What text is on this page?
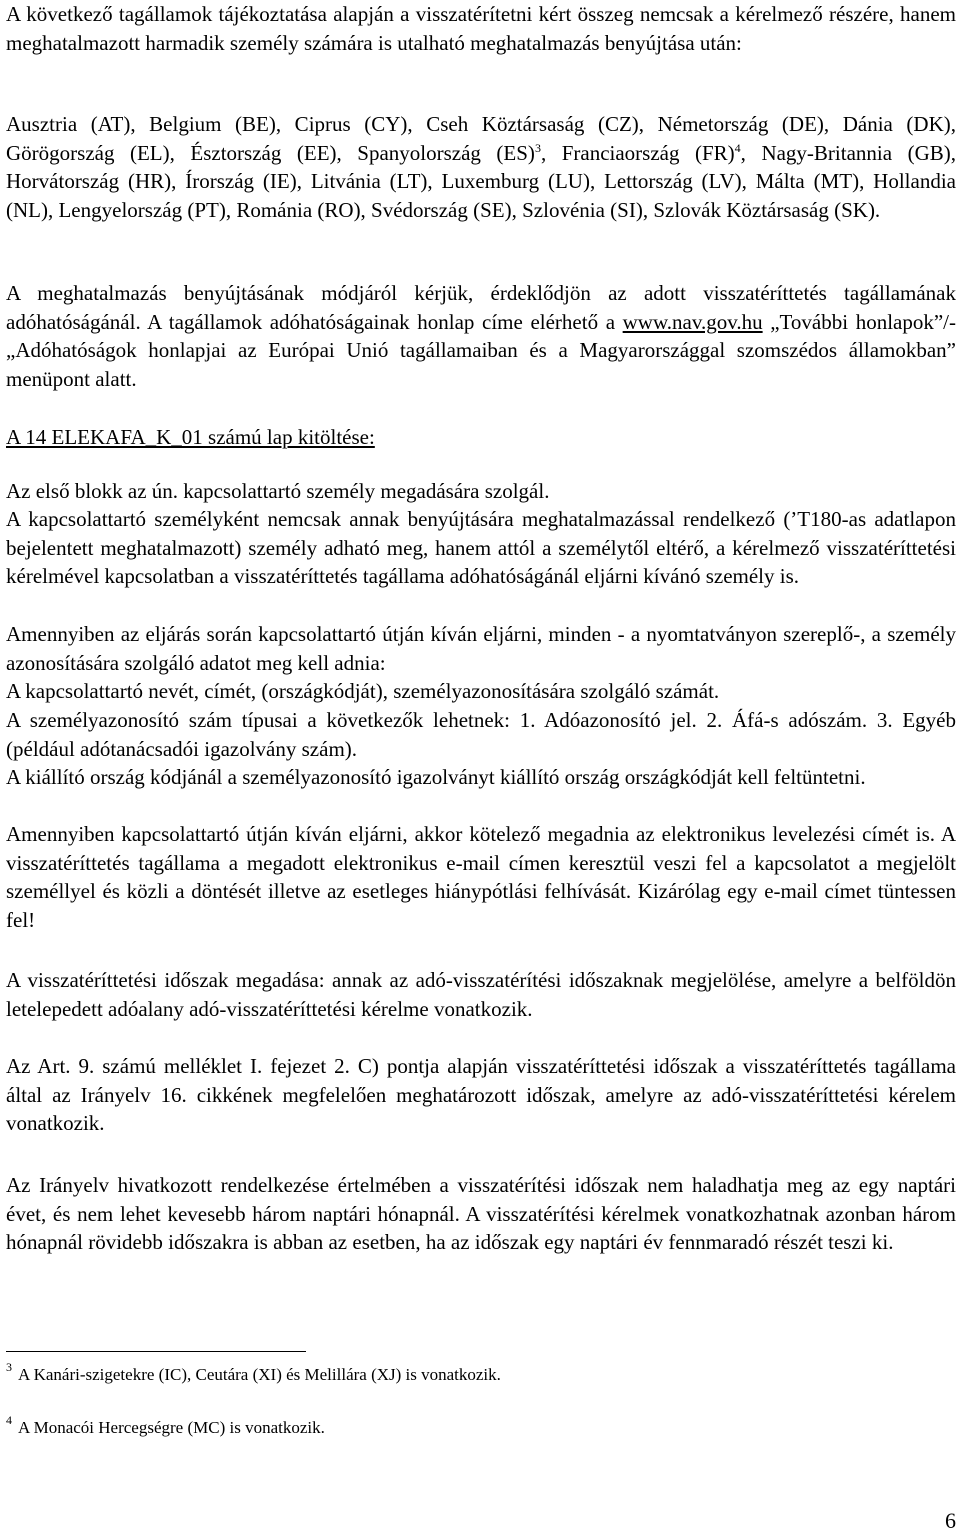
A következő tagállamok tájékoztatása alapján a visszatérítetni kért összeg nemcsak a kérelmező részére, hanem meghatalmazott harmadik személy számára is utalható meghatalmazás benyújtása után:

Ausztria (AT), Belgium (BE), Ciprus (CY), Cseh Köztársaság (CZ), Németország (DE), Dánia (DK), Görögország (EL), Észtország (EE), Spanyolország (ES)$^3$, Franciaország (FR)$^4$, Nagy-Britannia (GB), Horvátország (HR), Írország (IE), Litvánia (LT), Luxemburg (LU), Lettország (LV), Málta (MT), Hollandia (NL), Lengyelország (PT), Románia (RO), Svédország (SE), Szlovénia (SI), Szlovák Köztársaság (SK).

A meghatalmazás benyújtásának módjáról kérjük, érdeklődjön az adott visszatéríttetés tagállamának adóhatóságánál. A tagállamok adóhatóságainak honlap címe elérhető a www.nav.gov.hu „További honlapok”/- „Adóhatóságok honlapjai az Európai Unió tagállamaiban és a Magyarországgal szomszédos államokban” menüpont alatt.

A 14 ELEKAFA_K_01 számú lap kitöltése:

Az első blokk az ún. kapcsolattartó személy megadására szolgál.

A kapcsolattartó személyként nemcsak annak benyújtására meghatalmazással rendelkező (’T180-as adatlapon bejelentett meghatalmazott) személy adható meg, hanem attól a személytől eltérő, a kérelmező visszatéríttetési kérelmével kapcsolatban a visszatéríttetés tagállama adóhatóságánál eljárni kívánó személy is.

Amennyiben az eljárás során kapcsolattartó útján kíván eljárni, minden - a nyomtatványon szereplő-, a személy azonosítására szolgáló adatot meg kell adnia:

A kapcsolattartó nevét, címét, (országkódját), személyazonosítására szolgáló számát.

A személyazonosító szám típusai a következők lehetnek: 1. Adóazonosító jel. 2. Áfá-s adószám. 3. Egyéb (például adótanácsadói igazolvány szám).

A kiállító ország kódjánál a személyazonosító igazolványt kiállító ország országkódját kell feltüntetni.

Amennyiben kapcsolattartó útján kíván eljárni, akkor kötelező megadnia az elektronikus levelezési címét is. A visszatéríttetés tagállama a megadott elektronikus e-mail címen keresztül veszi fel a kapcsolatot a megjelölt személlyel és közli a döntését illetve az esetleges hiánypótlási felhívását. Kizárólag egy e-mail címet tüntessen fel!

A visszatéríttetési időszak megadása: annak az adó-visszatérítési időszaknak megjelölése, amelyre a belföldön letelepedett adóalany adó-visszatéríttetési kérelme vonatkozik.

Az Art. 9. számú melléklet I. fejezet 2. C) pontja alapján visszatéríttetési időszak a visszatéríttetés tagállama által az Irányelv 16. cikkének megfelelően meghatározott időszak, amelyre az adó-visszatéríttetési kérelem vonatkozik.

Az Irányelv hivatkozott rendelkezése értelmében a visszatérítési időszak nem haladhatja meg az egy naptári évet, és nem lehet kevesebb három naptári hónapnál. A visszatérítési kérelmek vonatkozhatnak azonban három hónapnál rövidebb időszakra is abban az esetben, ha az időszak egy naptári év fennmaradó részét teszi ki.

$^3$ A Kanári-szigetekre (IC), Ceutára (XI) és Melillára (XJ) is vonatkozik.
$^4$ A Monacói Hercegségre (MC) is vonatkozik.
6
